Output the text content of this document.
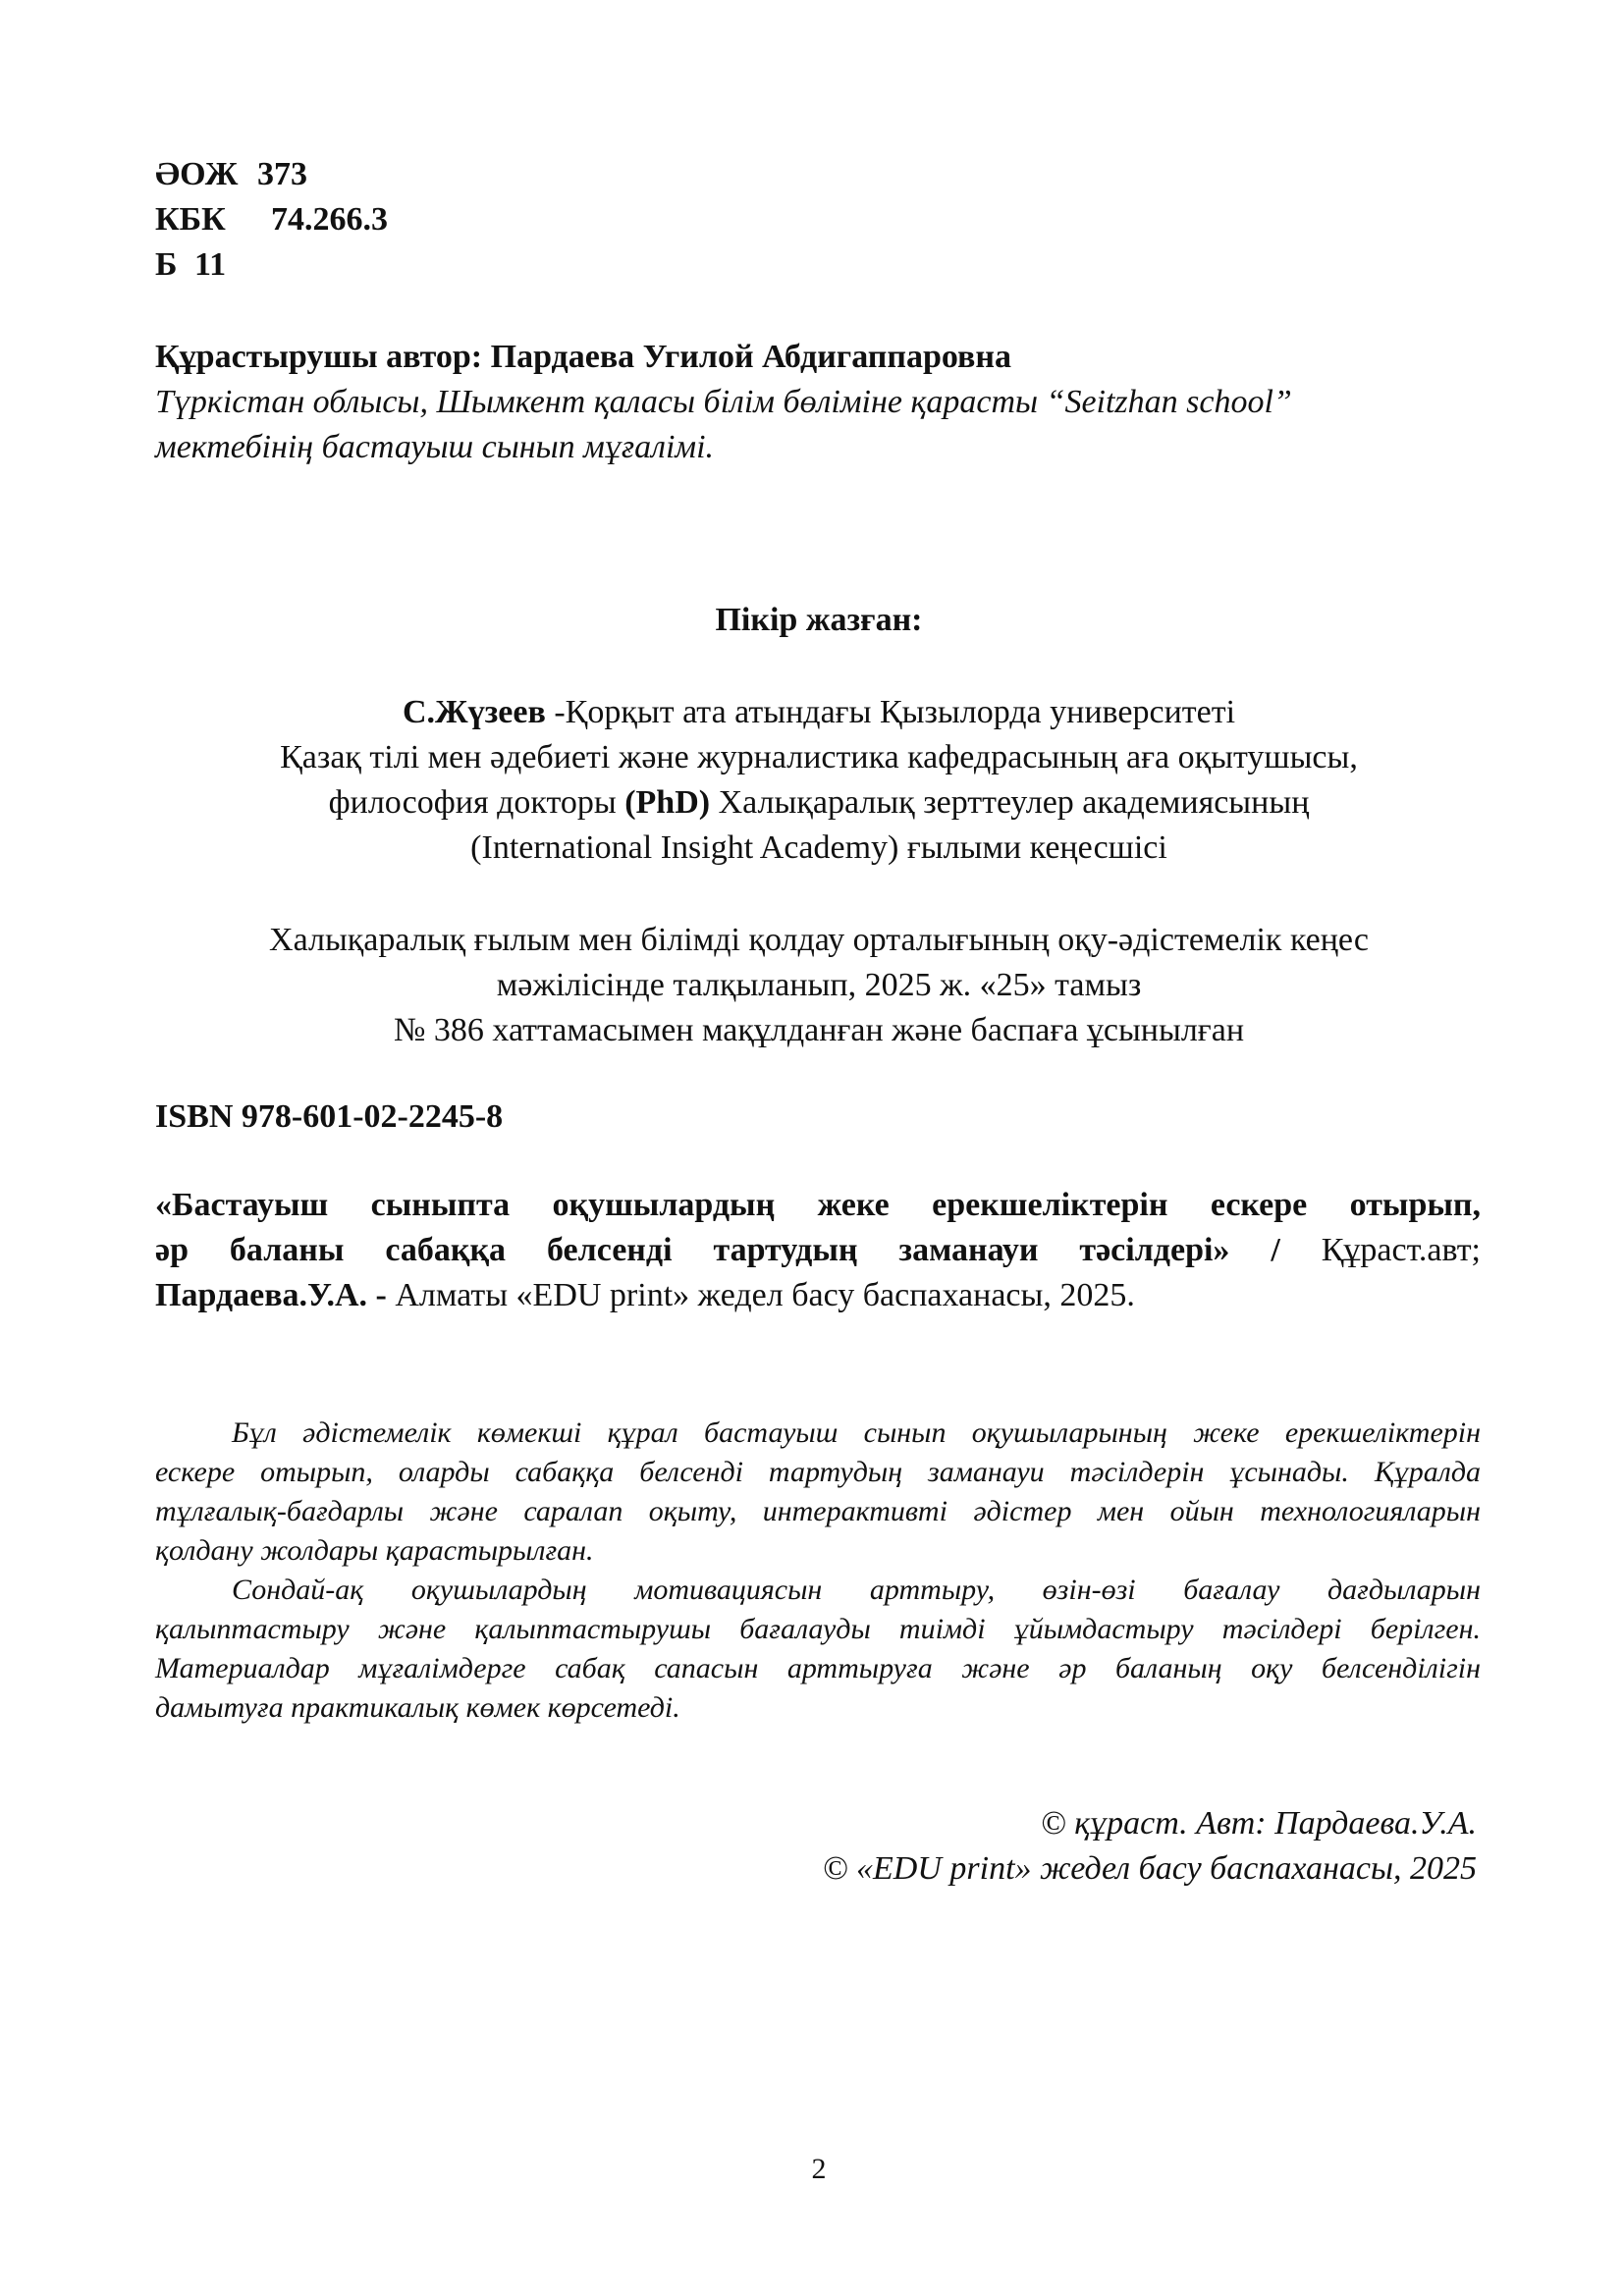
ӘОЖ 373
КБК 74.266.3
Б 11
Құрастырушы автор: Пардаева Угилой Абдигаппаровна
Түркістан облысы, Шымкент қаласы білім бөліміне қарасты “Seitzhan school”
мектебінің бастауыш сынып мұғалімі.
Пікір жазған:
С.Жүзеев -Қорқыт ата атындағы Қызылорда университеті
Қазақ тілі мен әдебиеті және журналистика кафедрасының аға оқытушысы,
философия докторы (PhD) Халықаралық зерттеулер академиясының
(International Insight Academy) ғылыми кеңесшісі
Халықаралық ғылым мен білімді қолдау орталығының оқу-әдістемелік кеңес
мәжілісінде талқыланып, 2025 ж. «25» тамыз
№ 386 хаттамасымен мақұлданған және баспаға ұсынылған
ISBN 978-601-02-2245-8
«Бастауыш сыныпта оқушылардың жеке ерекшеліктерін ескере отырып,
әр баланы сабаққа белсенді тартудың заманауи тәсілдері» / Құраст.авт;
Пардаева.У.А. - Алматы «EDU print» жедел басу баспаханасы, 2025.
Бұл әдістемелік көмекші құрал бастауыш сынып оқушыларының жеке ерекшеліктерін
ескере отырып, оларды сабаққа белсенді тартудың заманауи тәсілдерін ұсынады. Құралда
тұлғалық-бағдарлы және саралап оқыту, интерактивті әдістер мен ойын технологияларын
қолдану жолдары қарастырылған.
Сондай-ақ оқушылардың мотивациясын арттыру, өзін-өзі бағалау дағдыларын
қалыптастыру және қалыптастырушы бағалауды тиімді ұйымдастыру тәсілдері берілген.
Материалдар мұғалімдерге сабақ сапасын арттыруға және әр баланың оқу белсенділігін
дамытуға практикалық көмек көрсетеді.
© құраст. Авт: Пардаева.У.А.
© «EDU print» жедел басу баспаханасы, 2025
2
